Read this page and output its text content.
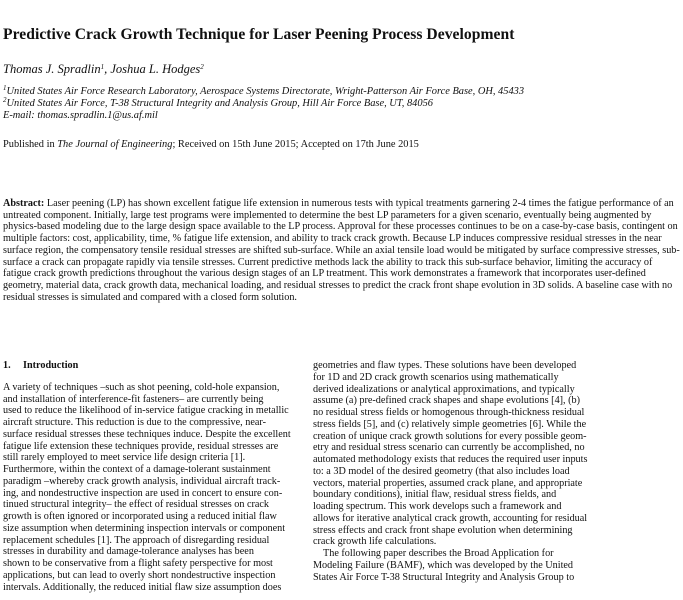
Predictive Crack Growth Technique for Laser Peening Process Development
Thomas J. Spradlin$^1$, Joshua L. Hodges$^2$
$^1$United States Air Force Research Laboratory, Aerospace Systems Directorate, Wright-Patterson Air Force Base, OH, 45433
$^2$United States Air Force, T-38 Structural Integrity and Analysis Group, Hill Air Force Base, UT, 84056
E-mail: thomas.spradlin.1@us.af.mil
Published in The Journal of Engineering; Received on 15th June 2015; Accepted on 17th June 2015

Abstract: Laser peening (LP) has shown excellent fatigue life extension in numerous tests with typical treatments garnering 2-4 times the fatigue performance of an untreated component. Initially, large test programs were implemented to determine the best LP parameters for a given scenario, eventually being augmented by physics-based modeling due to the large design space available to the LP process. Approval for these processes continues to be on a case-by-case basis, contingent on multiple factors: cost, applicability, time, % fatigue life extension, and ability to track crack growth. Because LP induces compressive residual stresses in the near surface region, the compensatory tensile residual stresses are shifted sub-surface. While an axial tensile load would be mitigated by surface compressive stresses, sub-surface a crack can propagate rapidly via tensile stresses. Current predictive methods lack the ability to track this sub-surface behavior, limiting the accuracy of fatigue crack growth predictions throughout the various design stages of an LP treatment. This work demonstrates a framework that incorporates user-defined geometry, material data, crack growth data, mechanical loading, and residual stresses to predict the crack front shape evolution in 3D solids. A baseline case with no residual stresses is simulated and compared with a closed form solution.

1. Introduction
A variety of techniques –such as shot peening, cold-hole expansion,
and installation of interference-fit fasteners– are currently being
used to reduce the likelihood of in-service fatigue cracking in metallic
aircraft structure. This reduction is due to the compressive, near-
surface residual stresses these techniques induce. Despite the excellent
fatigue life extension these techniques provide, residual stresses are
still rarely employed to meet service life design criteria [1].
Furthermore, within the context of a damage-tolerant sustainment
paradigm –whereby crack growth analysis, individual aircraft track-
ing, and nondestructive inspection are used in concert to ensure con-
tinued structural integrity– the effect of residual stresses on crack
growth is often ignored or incorporated using a reduced initial flaw
size assumption when determining inspection intervals or component
replacement schedules [1]. The approach of disregarding residual
stresses in durability and damage-tolerance analyses has been
shown to be conservative from a flight safety perspective for most
applications, but can lead to overly short nondestructive inspection
intervals. Additionally, the reduced initial flaw size assumption does
geometries and flaw types. These solutions have been developed
for 1D and 2D crack growth scenarios using mathematically
derived idealizations or analytical approximations, and typically
assume (a) pre-defined crack shapes and shape evolutions [4], (b)
no residual stress fields or homogenous through-thickness residual
stress fields [5], and (c) relatively simple geometries [6]. While the
creation of unique crack growth solutions for every possible geom-
etry and residual stress scenario can currently be accomplished, no
automated methodology exists that reduces the required user inputs
to: a 3D model of the desired geometry (that also includes load
vectors, material properties, assumed crack plane, and appropriate
boundary conditions), initial flaw, residual stress fields, and
loading spectrum. This work develops such a framework and
allows for iterative analytical crack growth, accounting for residual
stress effects and crack front shape evolution when determining
crack growth life calculations.
The following paper describes the Broad Application for
Modeling Failure (BAMF), which was developed by the United
States Air Force T-38 Structural Integrity and Analysis Group to
